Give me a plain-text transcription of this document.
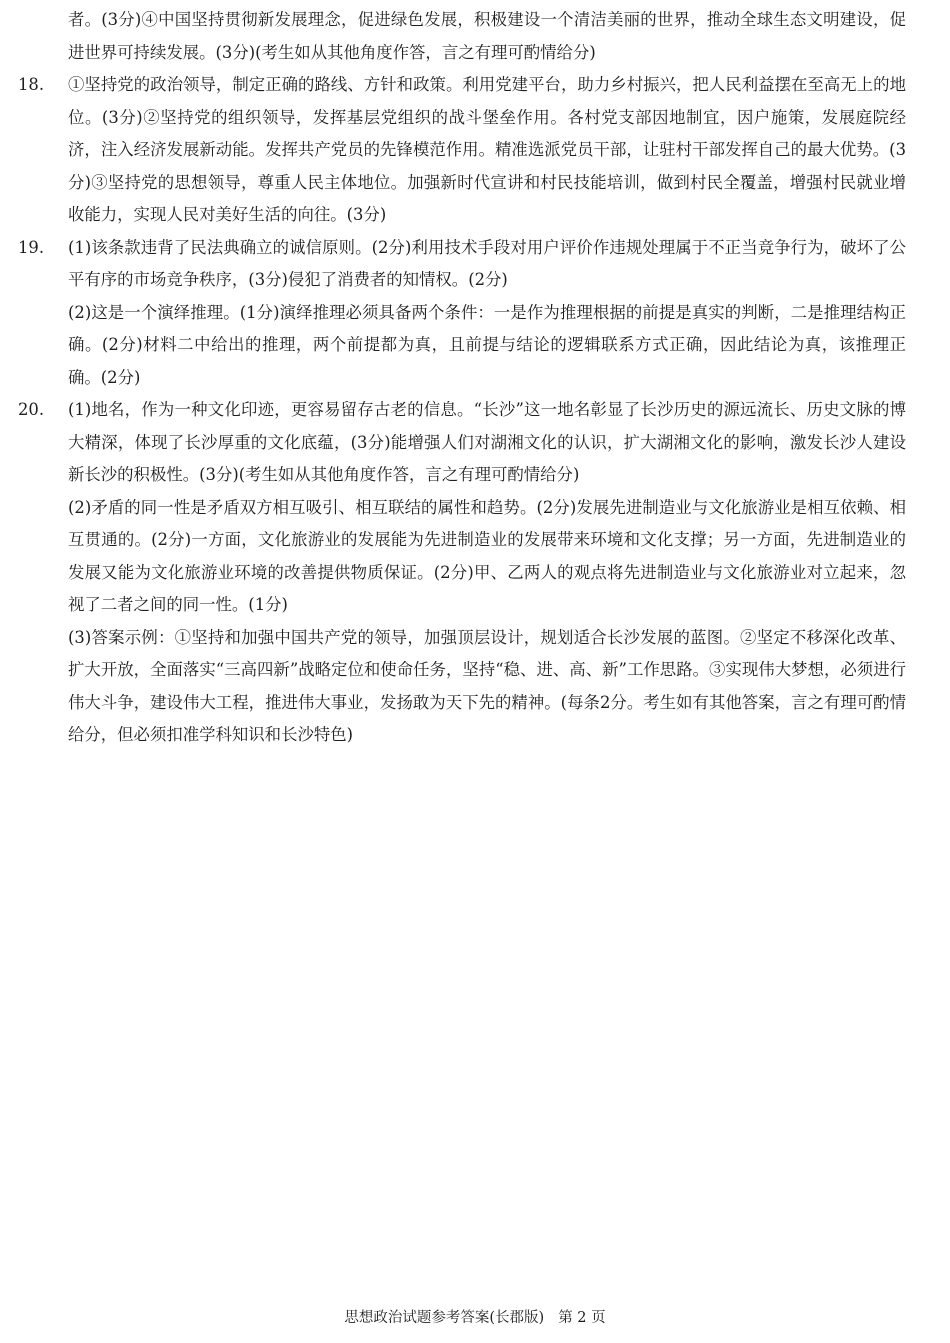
者。(3分)④中国坚持贯彻新发展理念，促进绿色发展，积极建设一个清洁美丽的世界，推动全球生态文明建设，促进世界可持续发展。(3分)(考生如从其他角度作答，言之有理可酌情给分)

18.	①坚持党的政治领导，制定正确的路线、方针和政策。利用党建平台，助力乡村振兴，把人民利益摆在至高无上的地位。(3分)②坚持党的组织领导，发挥基层党组织的战斗堡垒作用。各村党支部因地制宜，因户施策，发展庭院经济，注入经济发展新动能。发挥共产党员的先锋模范作用。精准选派党员干部，让驻村干部发挥自己的最大优势。(3分)③坚持党的思想领导，尊重人民主体地位。加强新时代宣讲和村民技能培训，做到村民全覆盖，增强村民就业增收能力，实现人民对美好生活的向往。(3分)

19.	(1)该条款违背了民法典确立的诚信原则。(2分)利用技术手段对用户评价作违规处理属于不正当竞争行为，破坏了公平有序的市场竞争秩序，(3分)侵犯了消费者的知情权。(2分)

(2)这是一个演绎推理。(1分)演绎推理必须具备两个条件：一是作为推理根据的前提是真实的判断，二是推理结构正确。(2分)材料二中给出的推理，两个前提都为真，且前提与结论的逻辑联系方式正确，因此结论为真，该推理正确。(2分)

20.	(1)地名，作为一种文化印迹，更容易留存古老的信息。“长沙”这一地名彰显了长沙历史的源远流长、历史文脉的博大精深，体现了长沙厚重的文化底蕴，(3分)能增强人们对湖湘文化的认识，扩大湖湘文化的影响，激发长沙人建设新长沙的积极性。(3分)(考生如从其他角度作答，言之有理可酌情给分)

(2)矛盾的同一性是矛盾双方相互吸引、相互联结的属性和趋势。(2分)发展先进制造业与文化旅游业是相互依赖、相互贯通的。(2分)一方面，文化旅游业的发展能为先进制造业的发展带来环境和文化支撑；另一方面，先进制造业的发展又能为文化旅游业环境的改善提供物质保证。(2分)甲、乙两人的观点将先进制造业与文化旅游业对立起来，忽视了二者之间的同一性。(1分)

(3)答案示例：①坚持和加强中国共产党的领导，加强顶层设计，规划适合长沙发展的蓝图。②坚定不移深化改革、扩大开放，全面落实“三高四新”战略定位和使命任务，坚持“稳、进、高、新”工作思路。③实现伟大梦想，必须进行伟大斗争，建设伟大工程，推进伟大事业，发扬敢为天下先的精神。(每条2分。考生如有其他答案，言之有理可酌情给分，但必须扣准学科知识和长沙特色)

思想政治试题参考答案(长郡版) 第 2 页
